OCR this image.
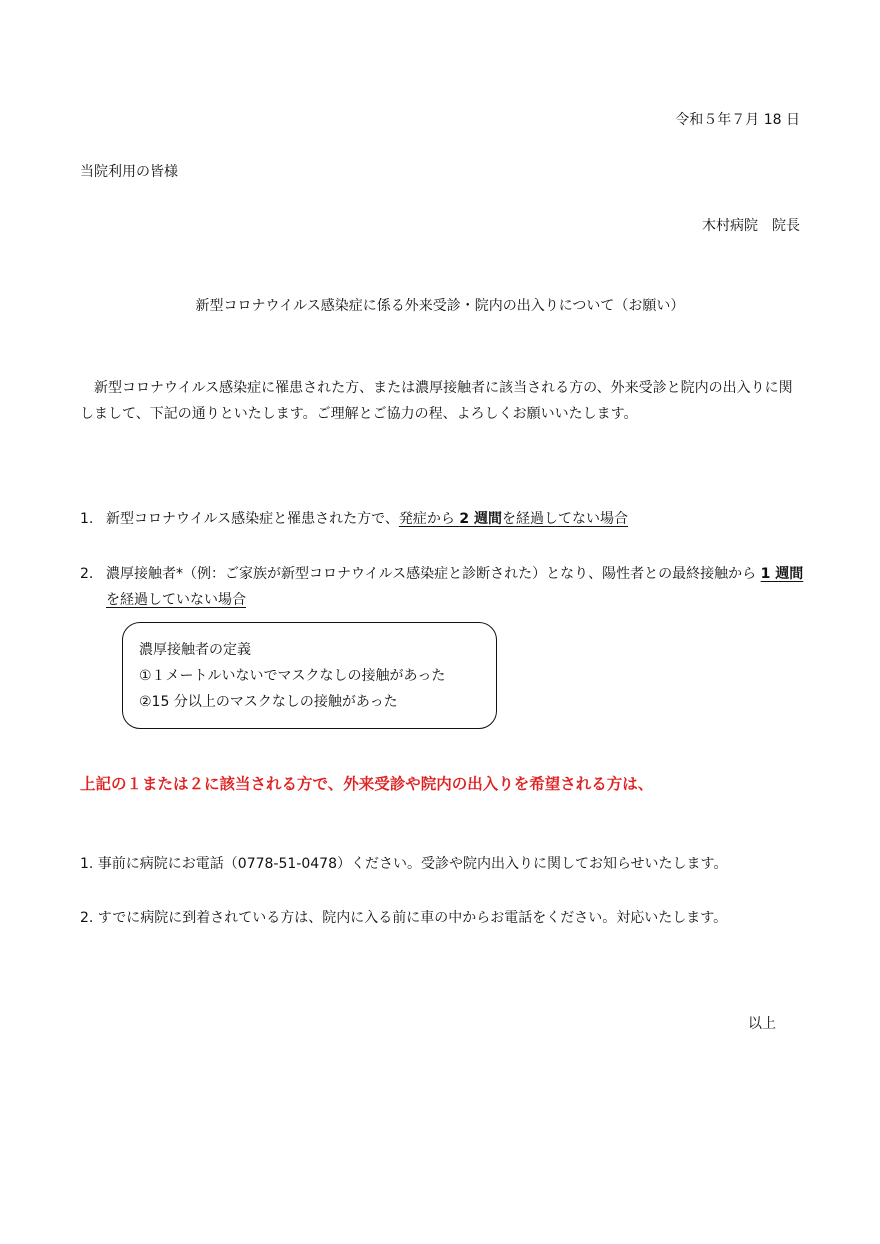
令和５年７月 18 日
当院利用の皆様
木村病院　院長
新型コロナウイルス感染症に係る外来受診・院内の出入りについて（お願い）

新型コロナウイルス感染症に罹患された方、または濃厚接触者に該当される方の、外来受診と院内の出入りに関しまして、下記の通りといたします。ご理解とご協力の程、よろしくお願いいたします。

1. 新型コロナウイルス感染症と罹患された方で、発症から 2 週間を経過してない場合
2. 濃厚接触者*（例：ご家族が新型コロナウイルス感染症と診断された）となり、陽性者との最終接触から 1 週間を経過していない場合
濃厚接触者の定義
①１メートルいないでマスクなしの接触があった
②15 分以上のマスクなしの接触があった
上記の１または２に該当される方で、外来受診や院内の出入りを希望される方は、
1. 事前に病院にお電話（0778-51-0478）ください。受診や院内出入りに関してお知らせいたします。
2. すでに病院に到着されている方は、院内に入る前に車の中からお電話をください。対応いたします。
以上
